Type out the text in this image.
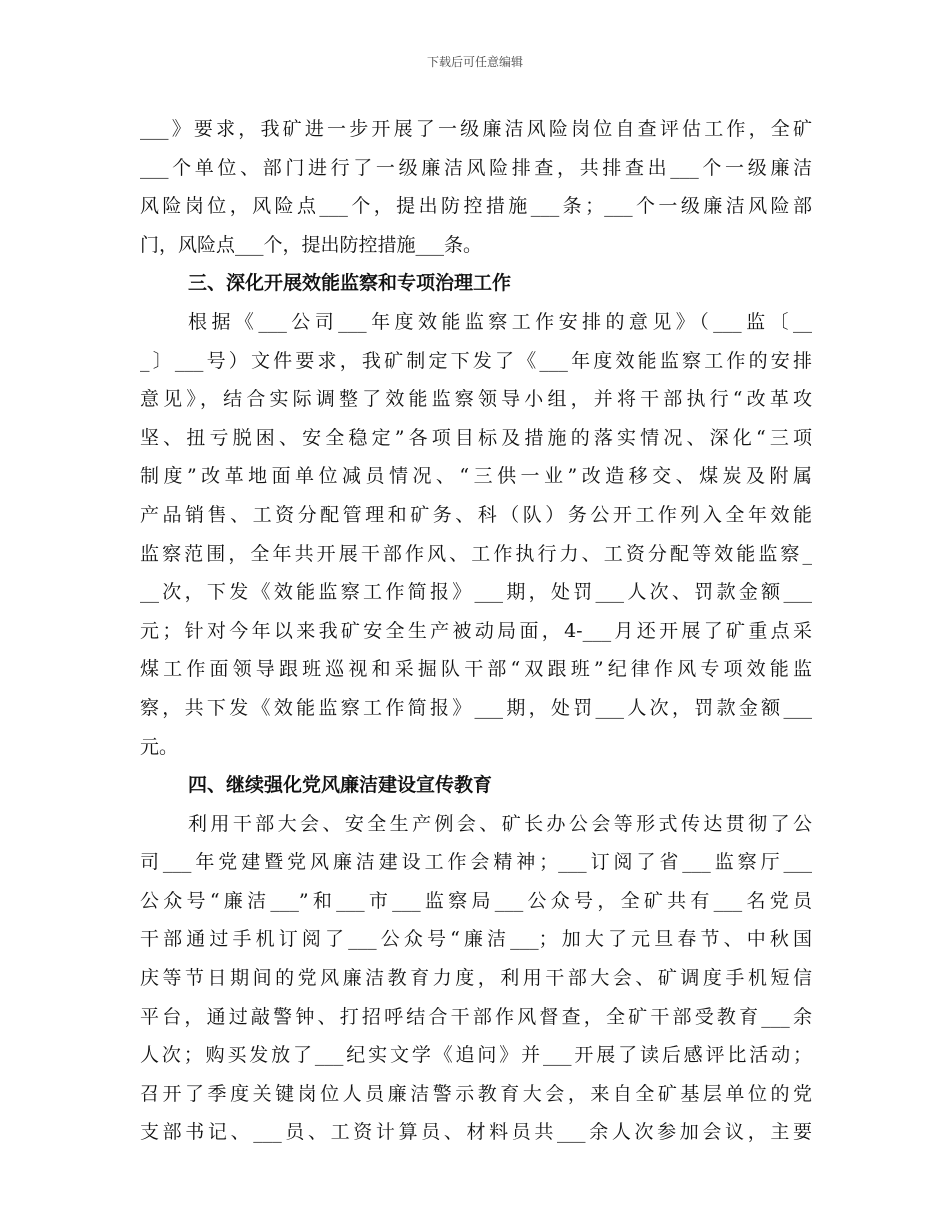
下载后可任意编辑
___》要求，我矿进一步开展了一级廉洁风险岗位自查评估工作，全矿
___个单位、部门进行了一级廉洁风险排查，共排查出___个一级廉洁
风险岗位，风险点___个，提出防控措施___条；___个一级廉洁风险部
门，风险点___个，提出防控措施___条。
三、深化开展效能监察和专项治理工作
根据《___公司___年度效能监察工作安排的意见》（___监〔__
_〕___号）文件要求，我矿制定下发了《___年度效能监察工作的安排
意见》，结合实际调整了效能监察领导小组，并将干部执行“改革攻
坚、扭亏脱困、安全稳定”各项目标及措施的落实情况、深化“三项
制度”改革地面单位减员情况、“三供一业”改造移交、煤炭及附属
产品销售、工资分配管理和矿务、科（队）务公开工作列入全年效能
监察范围，全年共开展干部作风、工作执行力、工资分配等效能监察_
__次，下发《效能监察工作简报》___期，处罚___人次、罚款金额___
元；针对今年以来我矿安全生产被动局面，4-___月还开展了矿重点采
煤工作面领导跟班巡视和采掘队干部“双跟班”纪律作风专项效能监
察，共下发《效能监察工作简报》___期，处罚___人次，罚款金额___
元。
四、继续强化党风廉洁建设宣传教育
利用干部大会、安全生产例会、矿长办公会等形式传达贯彻了公
司___年党建暨党风廉洁建设工作会精神；___订阅了省___监察厅___
公众号“廉洁___”和___市___监察局___公众号，全矿共有___名党员
干部通过手机订阅了___公众号“廉洁___；加大了元旦春节、中秋国
庆等节日期间的党风廉洁教育力度，利用干部大会、矿调度手机短信
平台，通过敲警钟、打招呼结合干部作风督查，全矿干部受教育___余
人次；购买发放了___纪实文学《追问》并___开展了读后感评比活动；
召开了季度关键岗位人员廉洁警示教育大会，来自全矿基层单位的党
支部书记、___员、工资计算员、材料员共___余人次参加会议，主要
